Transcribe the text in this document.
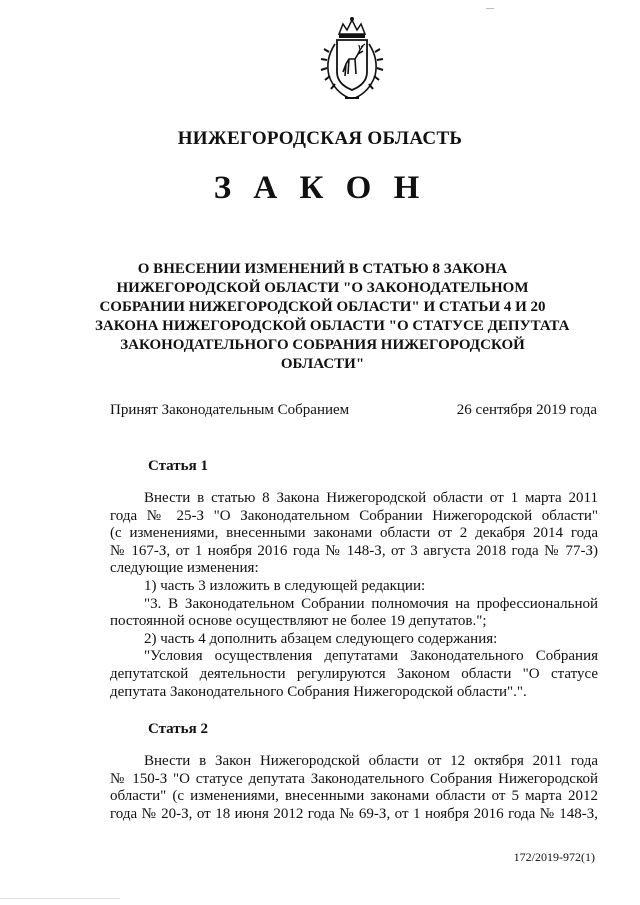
НИЖЕГОРОДСКАЯ ОБЛАСТЬ
З А К О Н
О ВНЕСЕНИИ ИЗМЕНЕНИЙ В СТАТЬЮ 8 ЗАКОНА
НИЖЕГОРОДСКОЙ ОБЛАСТИ "О ЗАКОНОДАТЕЛЬНОМ
СОБРАНИИ НИЖЕГОРОДСКОЙ ОБЛАСТИ" И СТАТЬИ 4 И 20
ЗАКОНА НИЖЕГОРОДСКОЙ ОБЛАСТИ "О СТАТУСЕ ДЕПУТАТА
ЗАКОНОДАТЕЛЬНОГО СОБРАНИЯ НИЖЕГОРОДСКОЙ
ОБЛАСТИ"
Принят Законодательным Собранием	26 сентября 2019 года
Статья 1
Внести в статью 8 Закона Нижегородской области от 1 марта 2011
года № 25-З "О Законодательном Собрании Нижегородской области"
(с изменениями, внесенными законами области от 2 декабря 2014 года
№ 167-З, от 1 ноября 2016 года № 148-З, от 3 августа 2018 года № 77-З)
следующие изменения:
1) часть 3 изложить в следующей редакции:
"3. В Законодательном Собрании полномочия на профессиональной
постоянной основе осуществляют не более 19 депутатов.";
2) часть 4 дополнить абзацем следующего содержания:
"Условия осуществления депутатами Законодательного Собрания
депутатской деятельности регулируются Законом области "О статусе
депутата Законодательного Собрания Нижегородской области".".
Статья 2
Внести в Закон Нижегородской области от 12 октября 2011 года
№ 150-З "О статусе депутата Законодательного Собрания Нижегородской
области" (с изменениями, внесенными законами области от 5 марта 2012
года № 20-З, от 18 июня 2012 года № 69-З, от 1 ноября 2016 года № 148-З,
172/2019-972(1)
